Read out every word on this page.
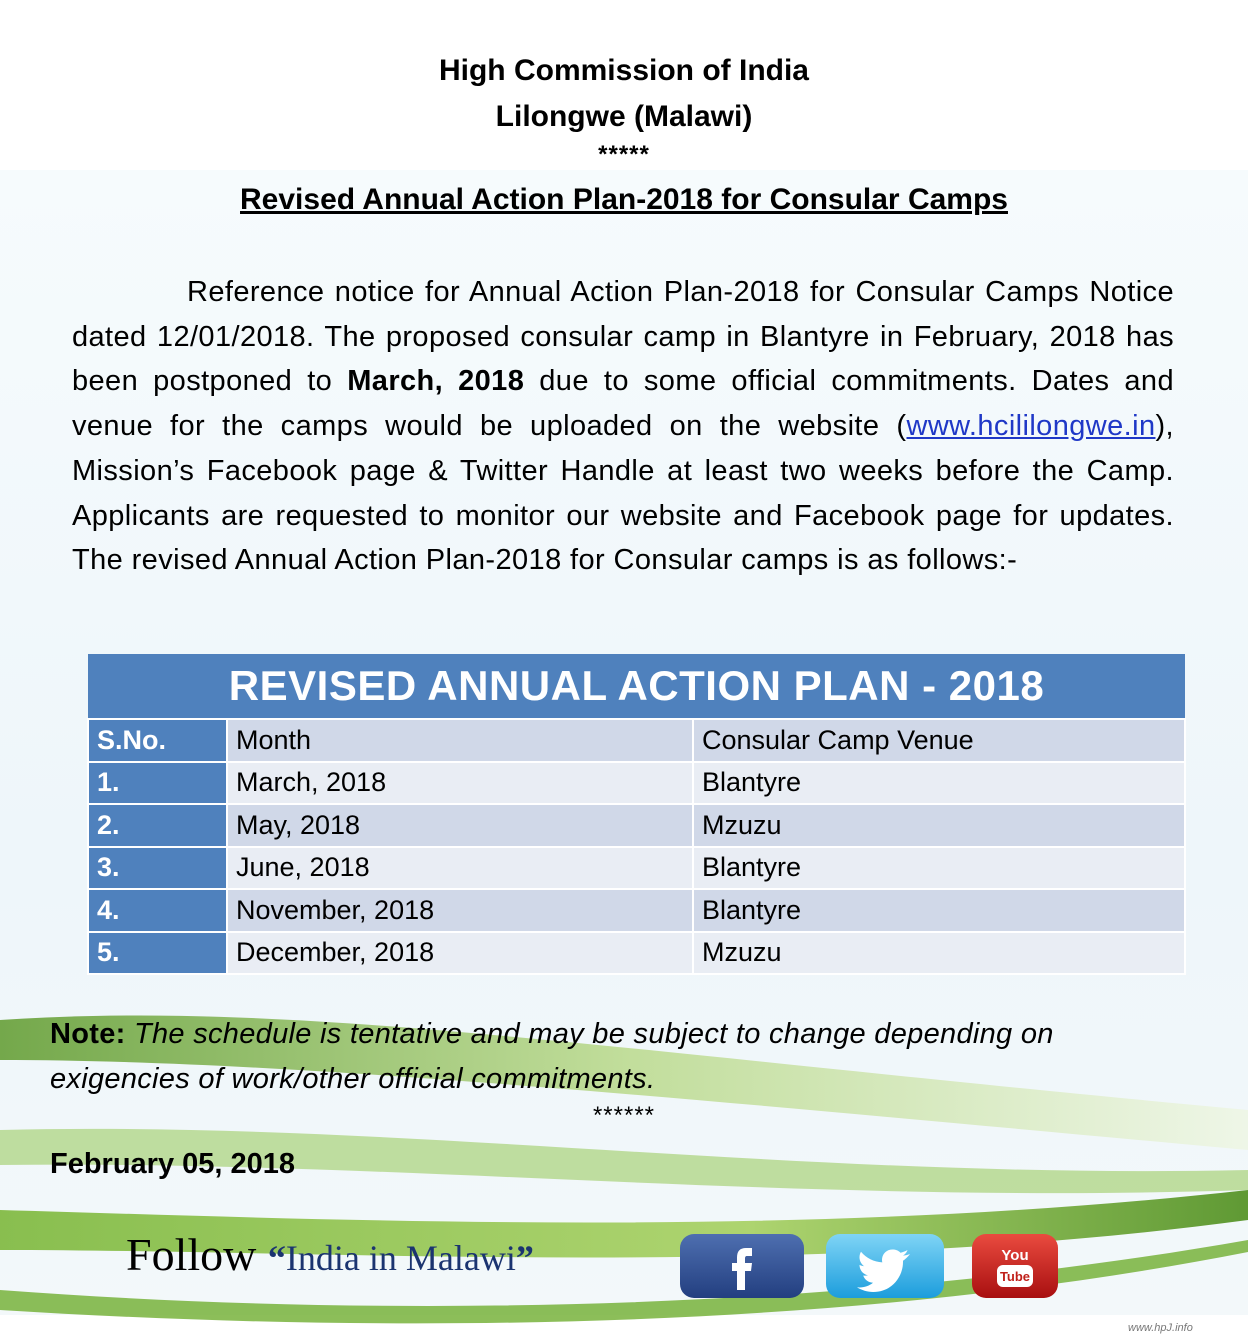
High Commission of India
Lilongwe (Malawi)
*****
Revised Annual Action Plan-2018 for Consular Camps
Reference notice for Annual Action Plan-2018 for Consular Camps Notice dated 12/01/2018. The proposed consular camp in Blantyre in February, 2018 has been postponed to March, 2018 due to some official commitments. Dates and venue for the camps would be uploaded on the website (www.hcililongwe.in), Mission’s Facebook page & Twitter Handle at least two weeks before the Camp. Applicants are requested to monitor our website and Facebook page for updates. The revised Annual Action Plan-2018 for Consular camps is as follows:-
REVISED ANNUAL ACTION PLAN - 2018		
S.No.	Month	Consular Camp Venue
1.	March, 2018	Blantyre
2.	May, 2018	Mzuzu
3.	June, 2018	Blantyre
4.	November, 2018	Blantyre
5.	December, 2018	Mzuzu
Note: The schedule is tentative and may be subject to change depending on exigencies of work/other official commitments.
******
February 05, 2018
Follow “India in Malawi”	You
Tube
www.hpJ.info
